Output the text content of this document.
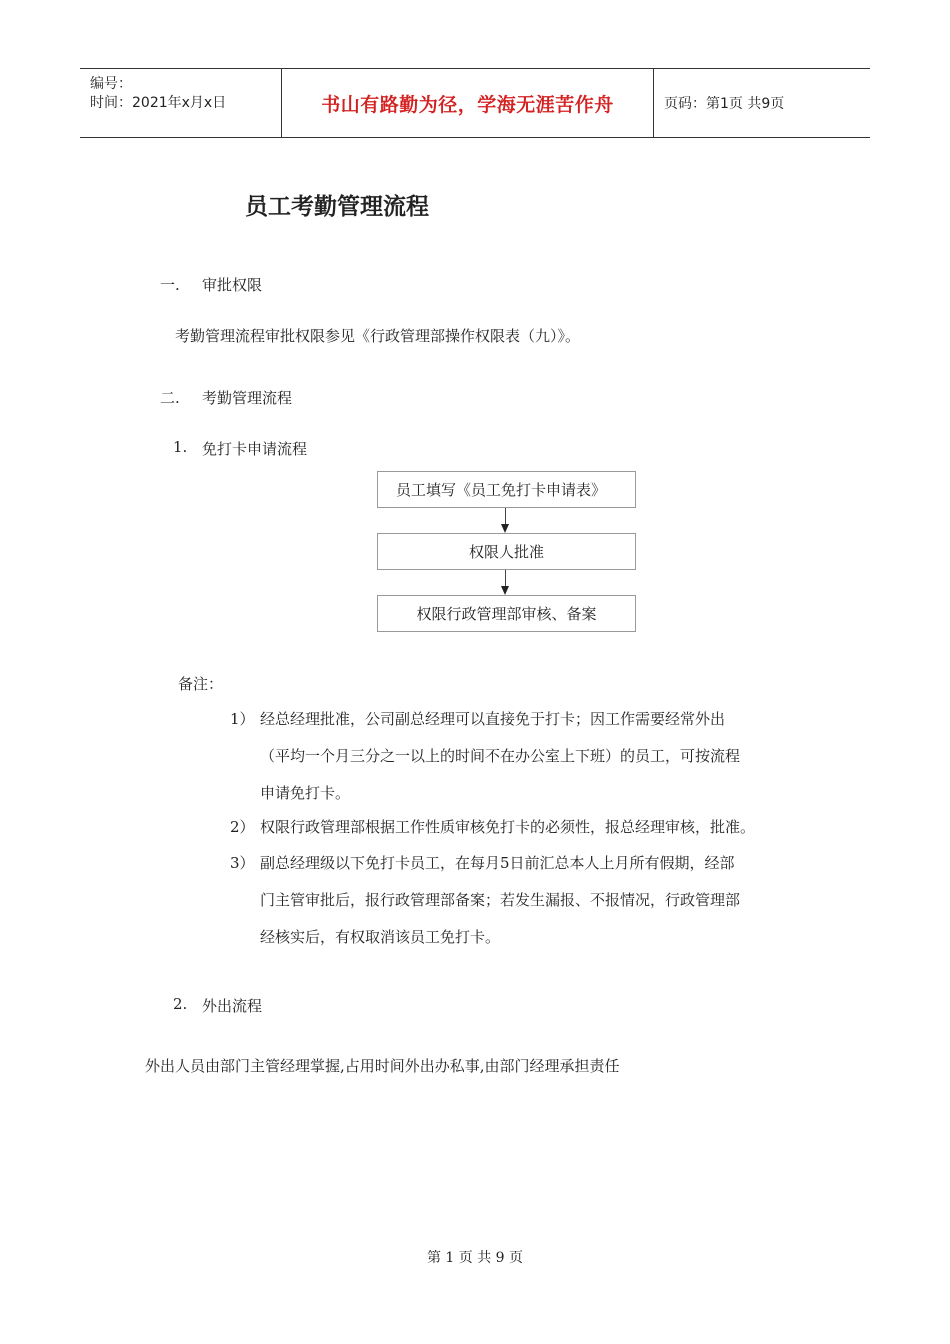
编号：
时间：2021年x月x日	书山有路勤为径，学海无涯苦作舟	页码：第1页 共9页
员工考勤管理流程
一. 审批权限
考勤管理流程审批权限参见《行政管理部操作权限表（九）》。
二. 考勤管理流程
1. 免打卡申请流程
员工填写《员工免打卡申请表》
权限人批准
权限行政管理部审核、备案
备注：
1） 经总经理批准，公司副总经理可以直接免于打卡；因工作需要经常外出
（平均一个月三分之一以上的时间不在办公室上下班）的员工，可按流程
申请免打卡。
2） 权限行政管理部根据工作性质审核免打卡的必须性，报总经理审核，批准。
3） 副总经理级以下免打卡员工，在每月5日前汇总本人上月所有假期，经部
门主管审批后，报行政管理部备案；若发生漏报、不报情况，行政管理部
经核实后，有权取消该员工免打卡。
2. 外出流程
外出人员由部门主管经理掌握,占用时间外出办私事,由部门经理承担责任
第 1 页 共 9 页
